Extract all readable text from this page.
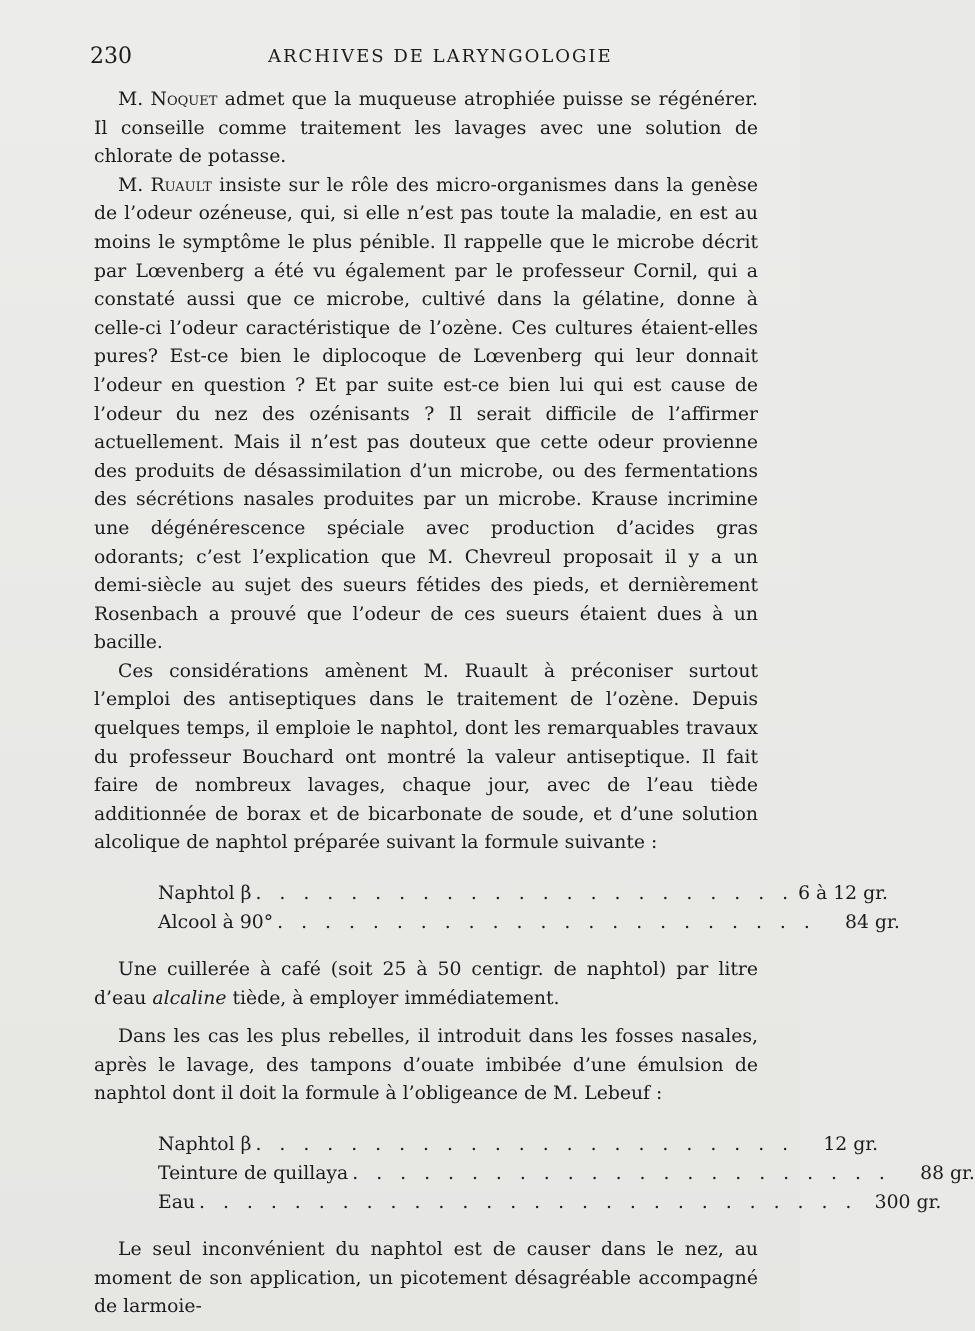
230	ARCHIVES DE LARYNGOLOGIE

M. Noquet admet que la muqueuse atrophiée puisse se régénérer. Il conseille comme traitement les lavages avec une solution de chlorate de potasse.

M. Ruault insiste sur le rôle des micro-organismes dans la genèse de l’odeur ozéneuse, qui, si elle n’est pas toute la maladie, en est au moins le symptôme le plus pénible. Il rappelle que le microbe décrit par Lœvenberg a été vu également par le professeur Cornil, qui a constaté aussi que ce microbe, cultivé dans la gélatine, donne à celle-ci l’odeur caractéristique de l’ozène. Ces cultures étaient-elles pures? Est-ce bien le diplocoque de Lœvenberg qui leur donnait l’odeur en question ? Et par suite est-ce bien lui qui est cause de l’odeur du nez des ozénisants ? Il serait difficile de l’affirmer actuellement. Mais il n’est pas douteux que cette odeur provienne des produits de désassimilation d’un microbe, ou des fermentations des sécrétions nasales produites par un microbe. Krause incrimine une dégénérescence spéciale avec production d’acides gras odorants; c’est l’explication que M. Chevreul proposait il y a un demi-siècle au sujet des sueurs fétides des pieds, et dernièrement Rosenbach a prouvé que l’odeur de ces sueurs étaient dues à un bacille.

Ces considérations amènent M. Ruault à préconiser surtout l’emploi des antiseptiques dans le traitement de l’ozène. Depuis quelques temps, il emploie le naphtol, dont les remarquables travaux du professeur Bouchard ont montré la valeur antiseptique. Il fait faire de nombreux lavages, chaque jour, avec de l’eau tiède additionnée de borax et de bicarbonate de soude, et d’une solution alcolique de naphtol préparée suivant la formule suivante :

Naphtol β . . . . . . . . . . . . . . . . . . . . . . . 6 à 12 gr.
Alcool à 90° . . . . . . . . . . . . . . . . . . . . . . .	84 gr.

Une cuillerée à café (soit 25 à 50 centigr. de naphtol) par litre d’eau alcaline tiède, à employer immédiatement.

Dans les cas les plus rebelles, il introduit dans les fosses nasales, après le lavage, des tampons d’ouate imbibée d’une émulsion de naphtol dont il doit la formule à l’obligeance de M. Lebeuf :

Naphtol β . . . . . . . . . . . . . . . . . . . . . . .	12 gr.
Teinture de quillaya . . . . . . . . . . . . . . . . . . . . . . .	88 gr.
Eau . . . . . . . . . . . . . . . . . . . . . . . . . . . . 300 gr.

Le seul inconvénient du naphtol est de causer dans le nez, au moment de son application, un picotement désagréable accompagné de larmoie-
